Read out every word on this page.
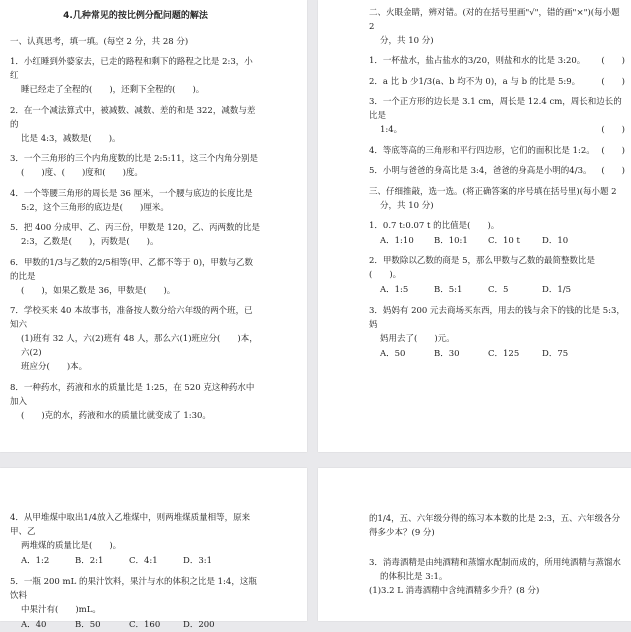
4.几种常见的按比例分配问题的解法
一、认真思考，填一填。(每空 2 分，共 28 分)
1．小红睡到外婆家去，已走的路程和剩下的路程之比是 2:3，小红
睡已经走了全程的(　　)，还剩下全程的(　　)。
2．在一个减法算式中，被减数、减数、差的和是 322，减数与差的
比是 4:3，减数是(　　)。
3．一个三角形的三个内角度数的比是 2:5:11，这三个内角分别是
(　　)度、(　　)度和(　　)度。
4．一个等腰三角形的周长是 36 厘米，一个腰与底边的长度比是
5:2，这个三角形的底边是(　　)厘米。
5．把 400 分成甲、乙、丙三份，甲数是 120，乙、丙两数的比是
2:3，乙数是(　　)，丙数是(　　)。
6．甲数的1/3与乙数的2/5相等(甲、乙都不等于 0)，甲数与乙数的比是
(　　)，如果乙数是 36，甲数是(　　)。
7．学校买来 40 本故事书，准备按人数分给六年级的两个班，已知六
(1)班有 32 人，六(2)班有 48 人，那么六(1)班应分(　　)本，六(2)
班应分(　　)本。
8．一种药水，药液和水的质量比是 1:25，在 520 克这种药水中加入
(　　)克的水，药液和水的质量比就变成了 1:30。
二、火眼金睛，辨对错。(对的在括号里画"√"，错的画"×")(每小题 2
分，共 10 分)
1．一杯盐水，盐占盐水的3/20，则盐和水的比是 3:20。 (　　)
2．a 比 b 少1/3(a、b 均不为 0)，a 与 b 的比是 5:9。 (　　)
3．一个正方形的边长是 3.1 cm，周长是 12.4 cm，周长和边长的比是
1:4。	(　　)
4．等底等高的三角形和平行四边形，它们的面积比是 1:2。 (　　)
5．小明与爸爸的身高比是 3:4，爸爸的身高是小明的4/3。 (　　)
三、仔细推敲，选一选。(将正确答案的序号填在括号里)(每小题 2
分，共 10 分)
1．0.7 t:0.07 t 的比值是(　　)。
A．1:10	B．10:1	C．10 t	D．10
2．甲数除以乙数的商是 5，那么甲数与乙数的最简整数比是(　　)。
A．1:5	B．5:1	C．5	D．1/5
3．妈妈有 200 元去商场买东西，用去的钱与余下的钱的比是 5:3，妈
妈用去了(　　)元。
A．50	B．30	C．125	D．75
4．从甲堆煤中取出1/4放入乙堆煤中，则两堆煤质量相等，原来甲、乙
两堆煤的质量比是(　　)。
A．1:2	B．2:1	C．4:1	D．3:1
5．一瓶 200 mL 的果汁饮料，果汁与水的体积之比是 1:4，这瓶饮料
中果汁有(　　)mL。
A．40	B．50	C．160	D．200
的1/4，五、六年级分得的练习本本数的比是 2:3，五、六年级各分
得多少本？(9 分)
3．消毒酒精是由纯酒精和蒸馏水配制而成的，所用纯酒精与蒸馏水
的体积比是 3:1。
(1)3.2 L 消毒酒精中含纯酒精多少升？(8 分)
